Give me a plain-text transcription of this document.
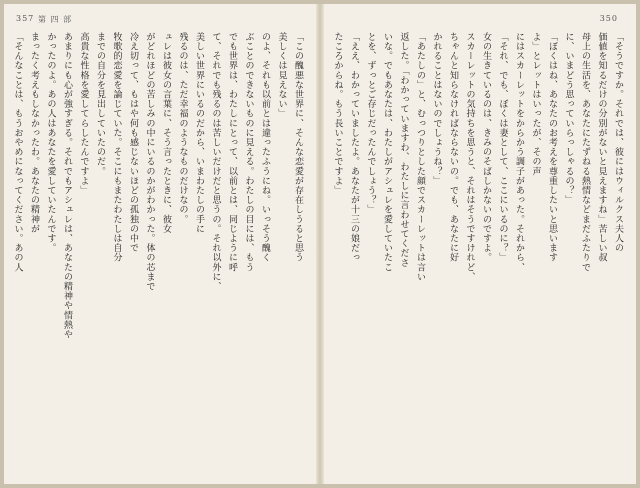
357 第 四 部
「この醜悪な世界に、そんな恋愛が存在しうると思う
美しくは見えない」
のよ、それも以前とは違ったふうにね。いっそう醜く
ぶことのできないものに見える。わたしの目には、もう
でも世界は、わたしにとって、以前とは、同じように呼
て、それでも残るのは苦しいだけだと思うの。それ以外に、
美しい世界にいるのだから、いまわたしの手に
残るのは、ただ幸福のようなものだけなの。
ュレは彼女の言葉に、そう言ったときに、彼女
がどれほどの苦しみの中にいるのかがわかった。体の芯まで
冷え切って、もはや何も感じないほどの孤独の中で
牧歌的恋愛を論じていた。そこにもまたわたしは自分
までの自分を見出していたのだ。
高貴な性格を愛してらしたんですよ」
あまりにも心が強すぎる。それでもアシュレは、あなたの精神や情熱や
かったのよ。あの人はあなたを愛していたんです。
まったく考えもしなかったわ。あなたの精神が
「そんなことは、もうおやめになってください。あの人
350
「そうですか。それでは、彼にはウィルクス夫人の
価値を知るだけの分別がないと見えますね」苦しい叔
母上の生活を、あなたにたずねる熱情などまだふたりで
に、いまどう思っていらっしゃるの？」
「ぼくはね、あなたのお考えを尊重したいと思います
よ」とレットはいったが、その声
にはスカーレットをからかう調子があった。それから、
「それ、でも、ぼくは妻として、ここにいるのに？」
女の生きているのは、きみのそばしかないのですよ。
スカーレットの気持ちを思うと、それはそうですけれど、
ちゃんと知らなければならないの。でも、あなたに好
かれることはないのでしょうね？」
「あたしの」と、むっつりとした顔でスカーレットは言い
返した。「わかっていますわ、わたしに言わせてくださ
いな。でもあなたは、わたしがアシュレを愛していたこ
とを、ずっとご存じだったんでしょう？」
「ええ、わかっていましたよ。あなたが十三の娘だっ
たころからね。もう長いことですよ」
